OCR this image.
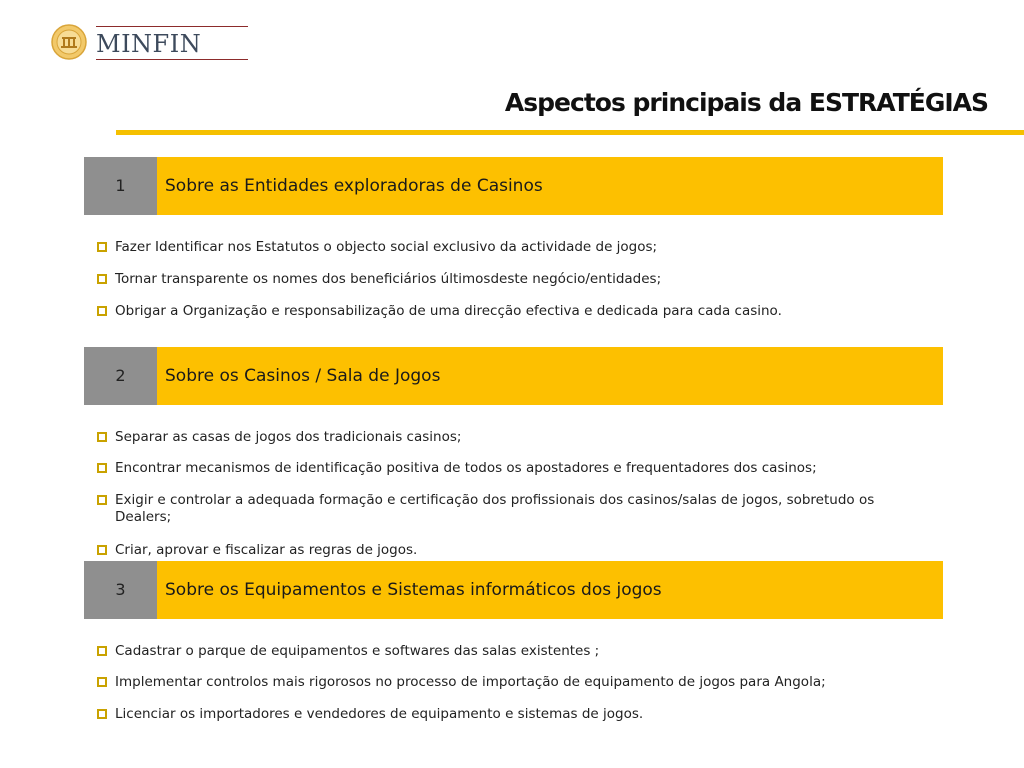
MINFIN
Aspectos principais da ESTRATÉGIAS
1	Sobre as Entidades exploradoras de Casinos
Fazer Identificar nos Estatutos o objecto social exclusivo da actividade de jogos;
Tornar transparente os nomes dos beneficiários últimosdeste negócio/entidades;
Obrigar a Organização e responsabilização de uma direcção efectiva e dedicada para cada casino.
2	Sobre os Casinos / Sala de Jogos
Separar as casas de jogos dos tradicionais casinos;
Encontrar mecanismos de identificação positiva de todos os apostadores e frequentadores dos casinos;
Exigir e controlar a adequada formação e certificação dos profissionais dos casinos/salas de jogos, sobretudo os Dealers;
Criar, aprovar e fiscalizar as regras de jogos.
3	Sobre os Equipamentos e Sistemas informáticos dos jogos
Cadastrar o parque de equipamentos e softwares das salas existentes ;
Implementar controlos mais rigorosos no processo de importação de equipamento de jogos para Angola;
Licenciar os importadores e vendedores de equipamento e sistemas de jogos.
